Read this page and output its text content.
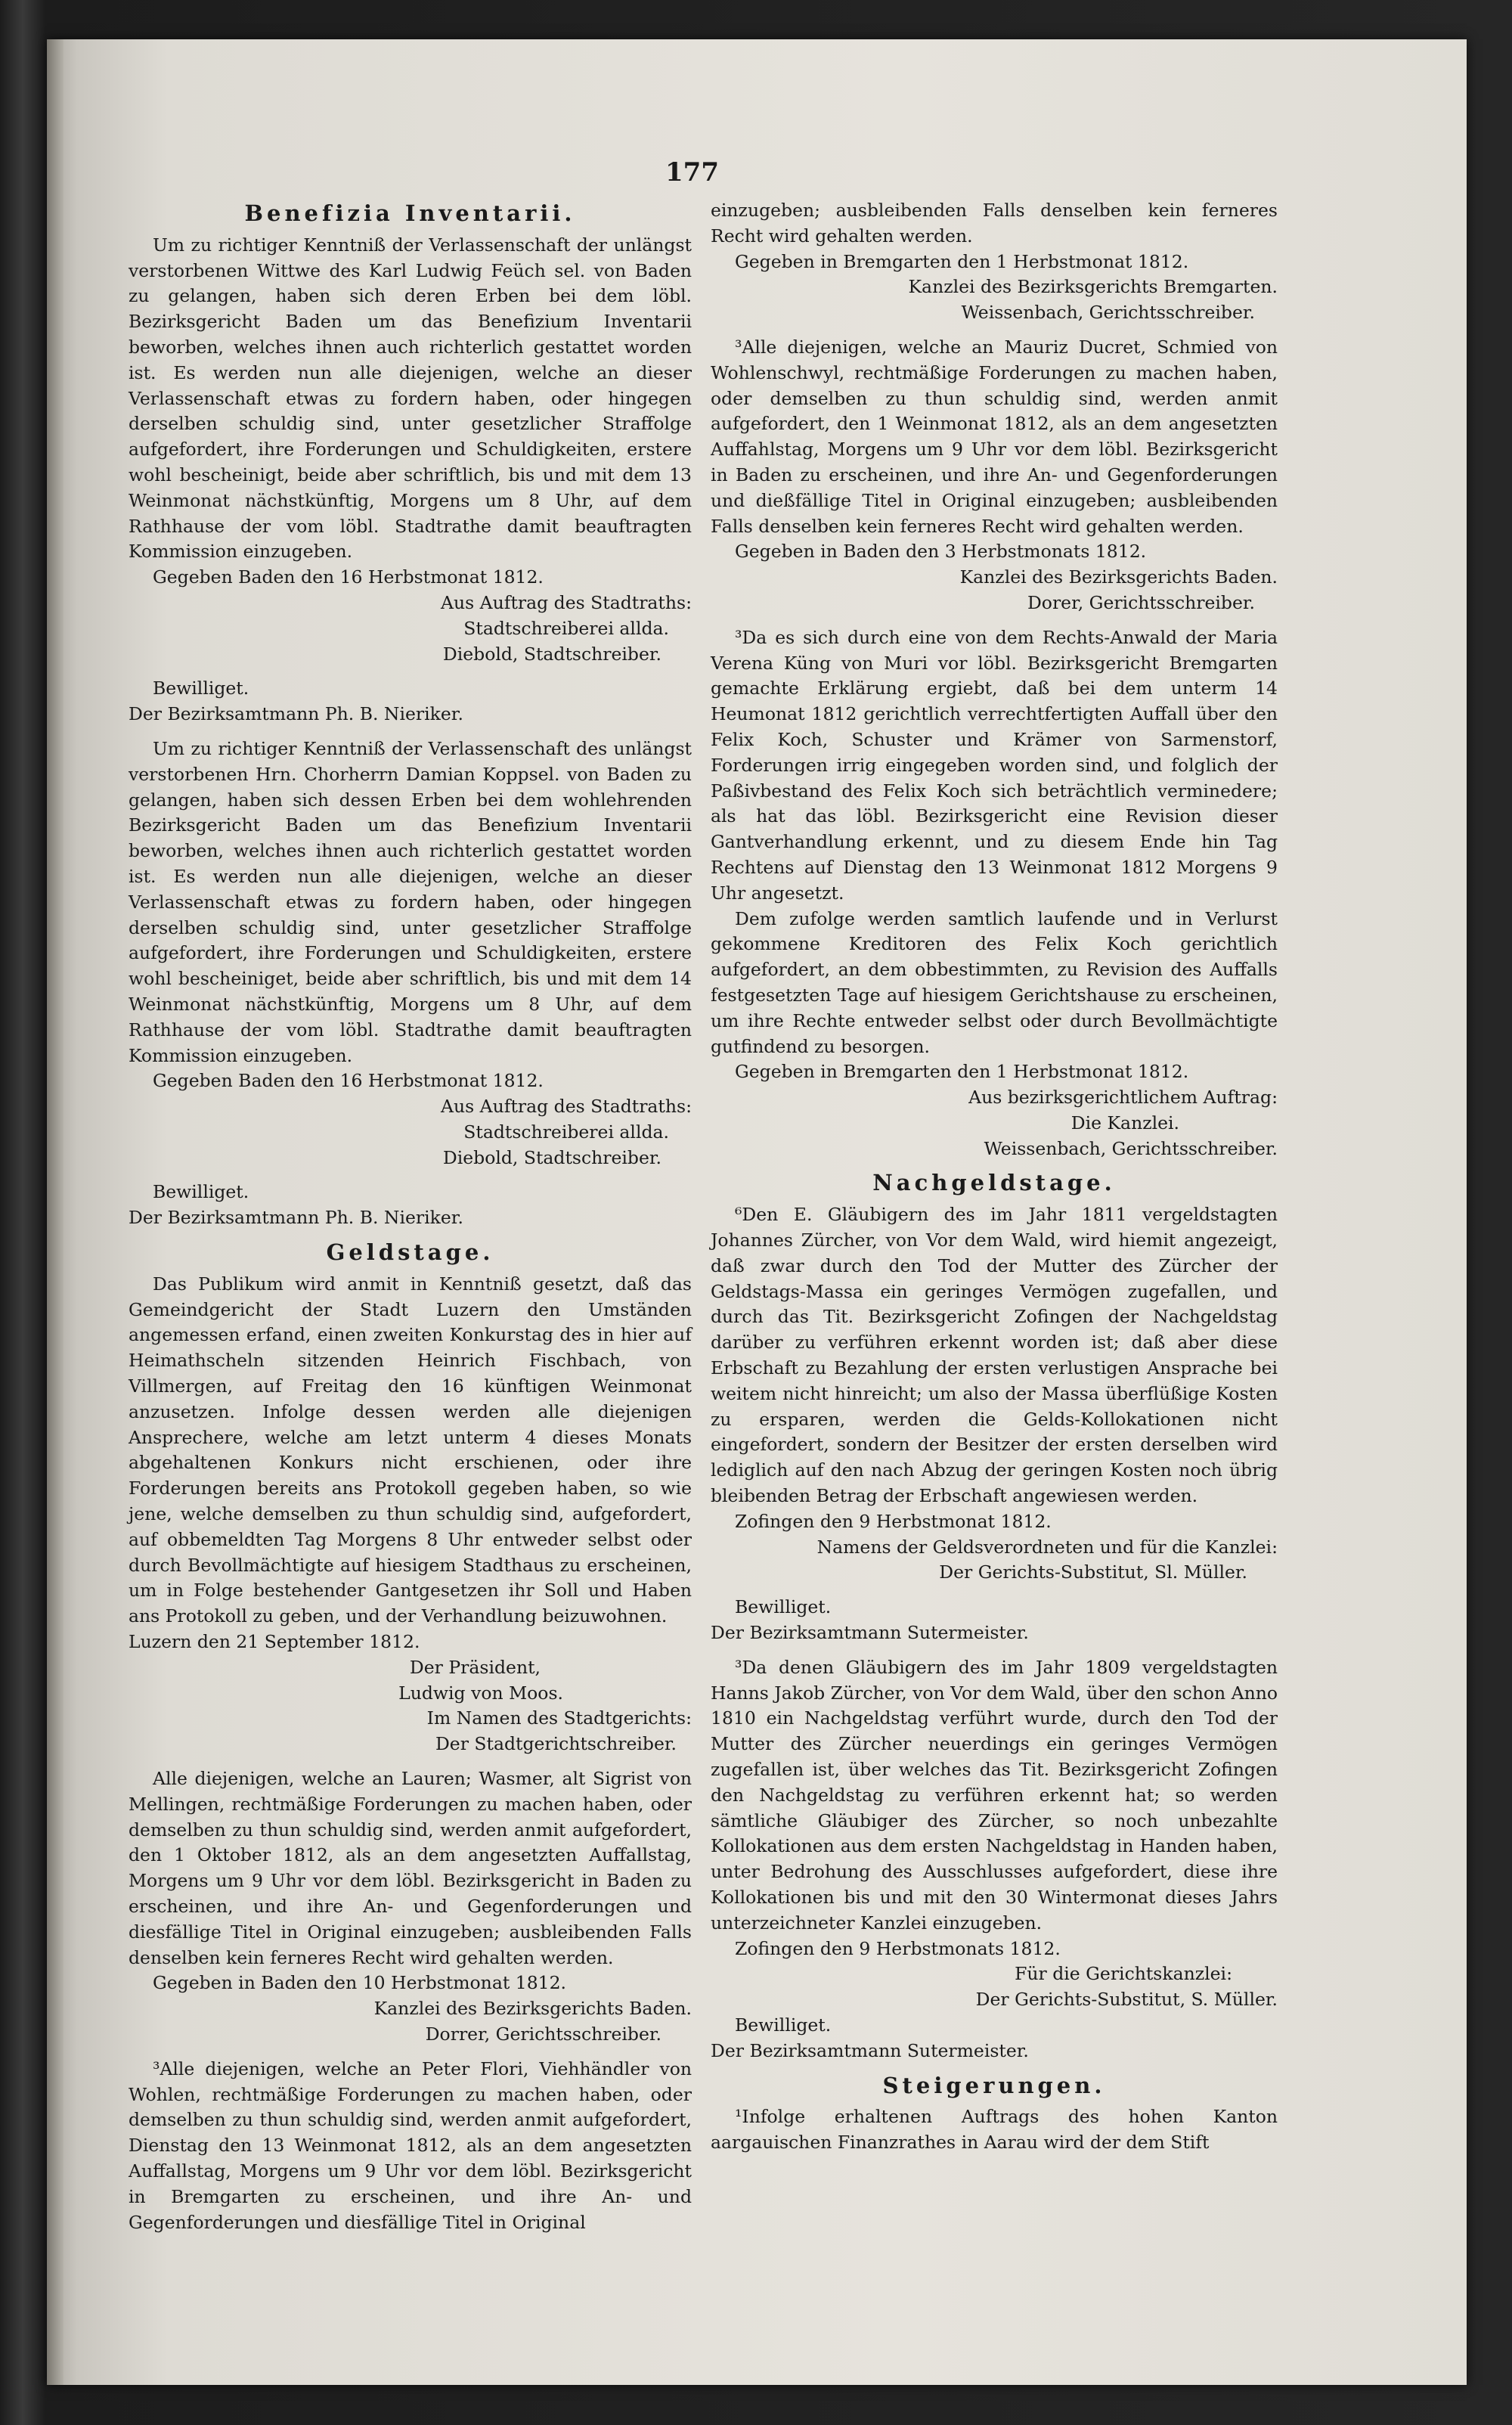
177
Benefizia Inventarii.

Um zu richtiger Kenntniß der Verlassenschaft der unlängst verstorbenen Wittwe des Karl Ludwig Feüch sel. von Baden zu gelangen, haben sich deren Erben bei dem löbl. Bezirksgericht Baden um das Benefizium Inventarii beworben, welches ihnen auch richterlich gestattet worden ist. Es werden nun alle diejenigen, welche an dieser Verlassenschaft etwas zu fordern haben, oder hingegen derselben schuldig sind, unter gesetzlicher Straffolge aufgefordert, ihre Forderungen und Schuldigkeiten, erstere wohl bescheinigt, beide aber schriftlich, bis und mit dem 13 Weinmonat nächstkünftig, Morgens um 8 Uhr, auf dem Rathhause der vom löbl. Stadtrathe damit beauftragten Kommission einzugeben.

Gegeben Baden den 16 Herbstmonat 1812.

Aus Auftrag des Stadtraths:

Stadtschreiberei allda.

Diebold, Stadtschreiber.

Bewilliget.

Der Bezirksamtmann Ph. B. Nieriker.

Um zu richtiger Kenntniß der Verlassenschaft des unlängst verstorbenen Hrn. Chorherrn Damian Koppsel. von Baden zu gelangen, haben sich dessen Erben bei dem wohlehrenden Bezirksgericht Baden um das Benefizium Inventarii beworben, welches ihnen auch richterlich gestattet worden ist. Es werden nun alle diejenigen, welche an dieser Verlassenschaft etwas zu fordern haben, oder hingegen derselben schuldig sind, unter gesetzlicher Straffolge aufgefordert, ihre Forderungen und Schuldigkeiten, erstere wohl bescheiniget, beide aber schriftlich, bis und mit dem 14 Weinmonat nächstkünftig, Morgens um 8 Uhr, auf dem Rathhause der vom löbl. Stadtrathe damit beauftragten Kommission einzugeben.

Gegeben Baden den 16 Herbstmonat 1812.

Aus Auftrag des Stadtraths:

Stadtschreiberei allda.

Diebold, Stadtschreiber.

Bewilliget.

Der Bezirksamtmann Ph. B. Nieriker.

Geldstage.

Das Publikum wird anmit in Kenntniß gesetzt, daß das Gemeindgericht der Stadt Luzern den Umständen angemessen erfand, einen zweiten Konkurstag des in hier auf Heimathscheln sitzenden Heinrich Fischbach, von Villmergen, auf Freitag den 16 künftigen Weinmonat anzusetzen. Infolge dessen werden alle diejenigen Ansprechere, welche am letzt unterm 4 dieses Monats abgehaltenen Konkurs nicht erschienen, oder ihre Forderungen bereits ans Protokoll gegeben haben, so wie jene, welche demselben zu thun schuldig sind, aufgefordert, auf obbemeldten Tag Morgens 8 Uhr entweder selbst oder durch Bevollmächtigte auf hiesigem Stadthaus zu erscheinen, um in Folge bestehender Gantgesetzen ihr Soll und Haben ans Protokoll zu geben, und der Verhandlung beizuwohnen.

Luzern den 21 September 1812.

Der Präsident,

Ludwig von Moos.

Im Namen des Stadtgerichts:

Der Stadtgerichtschreiber.

Alle diejenigen, welche an Lauren; Wasmer, alt Sigrist von Mellingen, rechtmäßige Forderungen zu machen haben, oder demselben zu thun schuldig sind, werden anmit aufgefordert, den 1 Oktober 1812, als an dem angesetzten Auffallstag, Morgens um 9 Uhr vor dem löbl. Bezirksgericht in Baden zu erscheinen, und ihre An- und Gegenforderungen und diesfällige Titel in Original einzugeben; ausbleibenden Falls denselben kein ferneres Recht wird gehalten werden.

Gegeben in Baden den 10 Herbstmonat 1812.

Kanzlei des Bezirksgerichts Baden.

Dorrer, Gerichtsschreiber.

³Alle diejenigen, welche an Peter Flori, Viehhändler von Wohlen, rechtmäßige Forderungen zu machen haben, oder demselben zu thun schuldig sind, werden anmit aufgefordert, Dienstag den 13 Weinmonat 1812, als an dem angesetzten Auffallstag, Morgens um 9 Uhr vor dem löbl. Bezirksgericht in Bremgarten zu erscheinen, und ihre An- und Gegenforderungen und diesfällige Titel in Original

einzugeben; ausbleibenden Falls denselben kein ferneres Recht wird gehalten werden.

Gegeben in Bremgarten den 1 Herbstmonat 1812.

Kanzlei des Bezirksgerichts Bremgarten.

Weissenbach, Gerichtsschreiber.

³Alle diejenigen, welche an Mauriz Ducret, Schmied von Wohlenschwyl, rechtmäßige Forderungen zu machen haben, oder demselben zu thun schuldig sind, werden anmit aufgefordert, den 1 Weinmonat 1812, als an dem angesetzten Auffahlstag, Morgens um 9 Uhr vor dem löbl. Bezirksgericht in Baden zu erscheinen, und ihre An- und Gegenforderungen und dießfällige Titel in Original einzugeben; ausbleibenden Falls denselben kein ferneres Recht wird gehalten werden.

Gegeben in Baden den 3 Herbstmonats 1812.

Kanzlei des Bezirksgerichts Baden.

Dorer, Gerichtsschreiber.

³Da es sich durch eine von dem Rechts-Anwald der Maria Verena Küng von Muri vor löbl. Bezirksgericht Bremgarten gemachte Erklärung ergiebt, daß bei dem unterm 14 Heumonat 1812 gerichtlich verrechtfertigten Auffall über den Felix Koch, Schuster und Krämer von Sarmenstorf, Forderungen irrig eingegeben worden sind, und folglich der Paßivbestand des Felix Koch sich beträchtlich verminedere; als hat das löbl. Bezirksgericht eine Revision dieser Gantverhandlung erkennt, und zu diesem Ende hin Tag Rechtens auf Dienstag den 13 Weinmonat 1812 Morgens 9 Uhr angesetzt.

Dem zufolge werden samtlich laufende und in Verlurst gekommene Kreditoren des Felix Koch gerichtlich aufgefordert, an dem obbestimmten, zu Revision des Auffalls festgesetzten Tage auf hiesigem Gerichtshause zu erscheinen, um ihre Rechte entweder selbst oder durch Bevollmächtigte gutfindend zu besorgen.

Gegeben in Bremgarten den 1 Herbstmonat 1812.

Aus bezirksgerichtlichem Auftrag:

Die Kanzlei.

Weissenbach, Gerichtsschreiber.

Nachgeldstage.

⁶Den E. Gläubigern des im Jahr 1811 vergeldstagten Johannes Zürcher, von Vor dem Wald, wird hiemit angezeigt, daß zwar durch den Tod der Mutter des Zürcher der Geldstags-Massa ein geringes Vermögen zugefallen, und durch das Tit. Bezirksgericht Zofingen der Nachgeldstag darüber zu verführen erkennt worden ist; daß aber diese Erbschaft zu Bezahlung der ersten verlustigen Ansprache bei weitem nicht hinreicht; um also der Massa überflüßige Kosten zu ersparen, werden die Gelds-Kollokationen nicht eingefordert, sondern der Besitzer der ersten derselben wird lediglich auf den nach Abzug der geringen Kosten noch übrig bleibenden Betrag der Erbschaft angewiesen werden.

Zofingen den 9 Herbstmonat 1812.

Namens der Geldsverordneten und für die Kanzlei:

Der Gerichts-Substitut, Sl. Müller.

Bewilliget.

Der Bezirksamtmann Sutermeister.

³Da denen Gläubigern des im Jahr 1809 vergeldstagten Hanns Jakob Zürcher, von Vor dem Wald, über den schon Anno 1810 ein Nachgeldstag verführt wurde, durch den Tod der Mutter des Zürcher neuerdings ein geringes Vermögen zugefallen ist, über welches das Tit. Bezirksgericht Zofingen den Nachgeldstag zu verführen erkennt hat; so werden sämtliche Gläubiger des Zürcher, so noch unbezahlte Kollokationen aus dem ersten Nachgeldstag in Handen haben, unter Bedrohung des Ausschlusses aufgefordert, diese ihre Kollokationen bis und mit den 30 Wintermonat dieses Jahrs unterzeichneter Kanzlei einzugeben.

Zofingen den 9 Herbstmonats 1812.

Für die Gerichtskanzlei:

Der Gerichts-Substitut, S. Müller.

Bewilliget.

Der Bezirksamtmann Sutermeister.

Steigerungen.

¹Infolge erhaltenen Auftrags des hohen Kanton aargauischen Finanzrathes in Aarau wird der dem Stift
